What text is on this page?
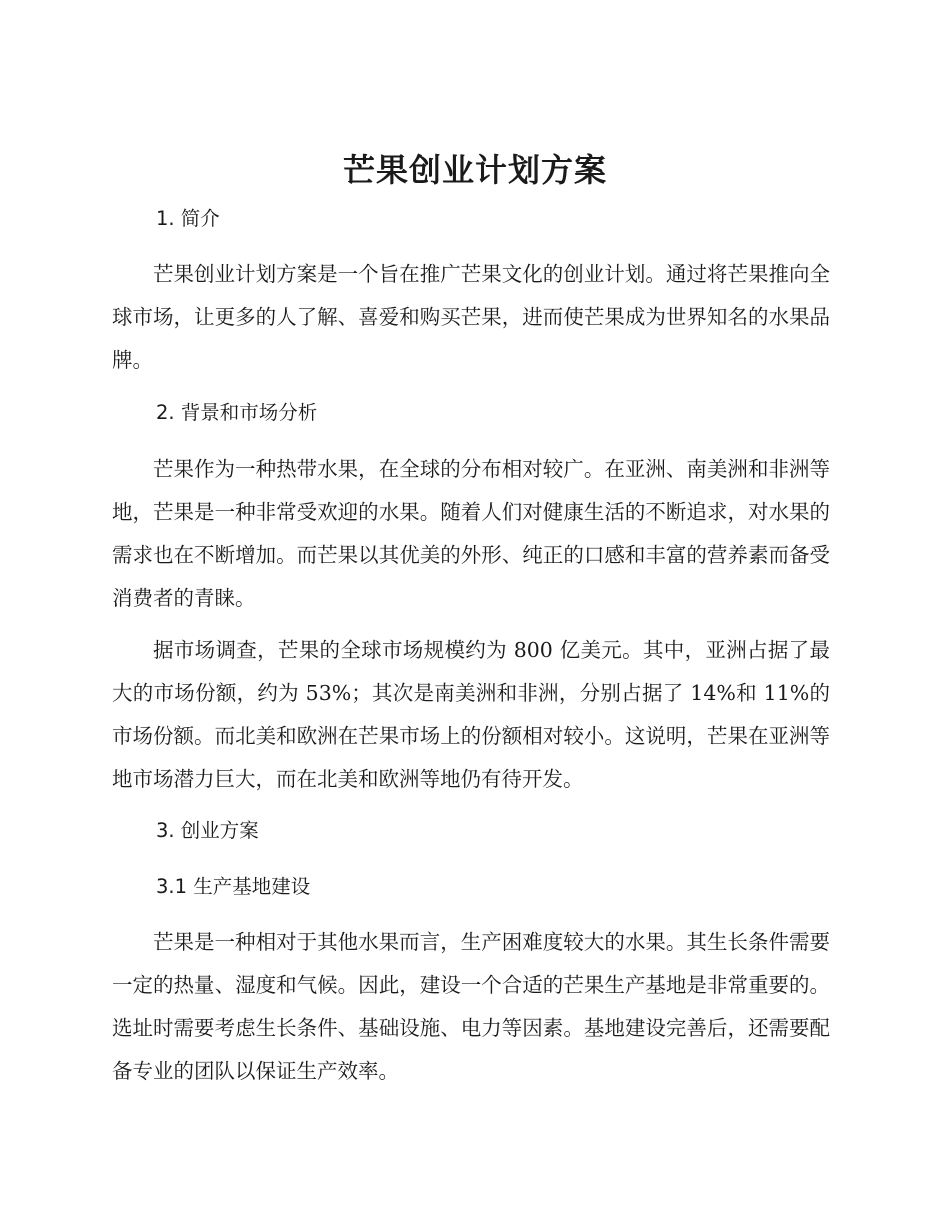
芒果创业计划方案
1. 简介

芒果创业计划方案是一个旨在推广芒果文化的创业计划。通过将芒果推向全球市场，让更多的人了解、喜爱和购买芒果，进而使芒果成为世界知名的水果品牌。

2. 背景和市场分析

芒果作为一种热带水果，在全球的分布相对较广。在亚洲、南美洲和非洲等地，芒果是一种非常受欢迎的水果。随着人们对健康生活的不断追求，对水果的需求也在不断增加。而芒果以其优美的外形、纯正的口感和丰富的营养素而备受消费者的青睐。

据市场调查，芒果的全球市场规模约为 800 亿美元。其中，亚洲占据了最大的市场份额，约为 53%；其次是南美洲和非洲，分别占据了 14%和 11%的市场份额。而北美和欧洲在芒果市场上的份额相对较小。这说明，芒果在亚洲等地市场潜力巨大，而在北美和欧洲等地仍有待开发。

3. 创业方案
3.1 生产基地建设

芒果是一种相对于其他水果而言，生产困难度较大的水果。其生长条件需要一定的热量、湿度和气候。因此，建设一个合适的芒果生产基地是非常重要的。选址时需要考虑生长条件、基础设施、电力等因素。基地建设完善后，还需要配备专业的团队以保证生产效率。
